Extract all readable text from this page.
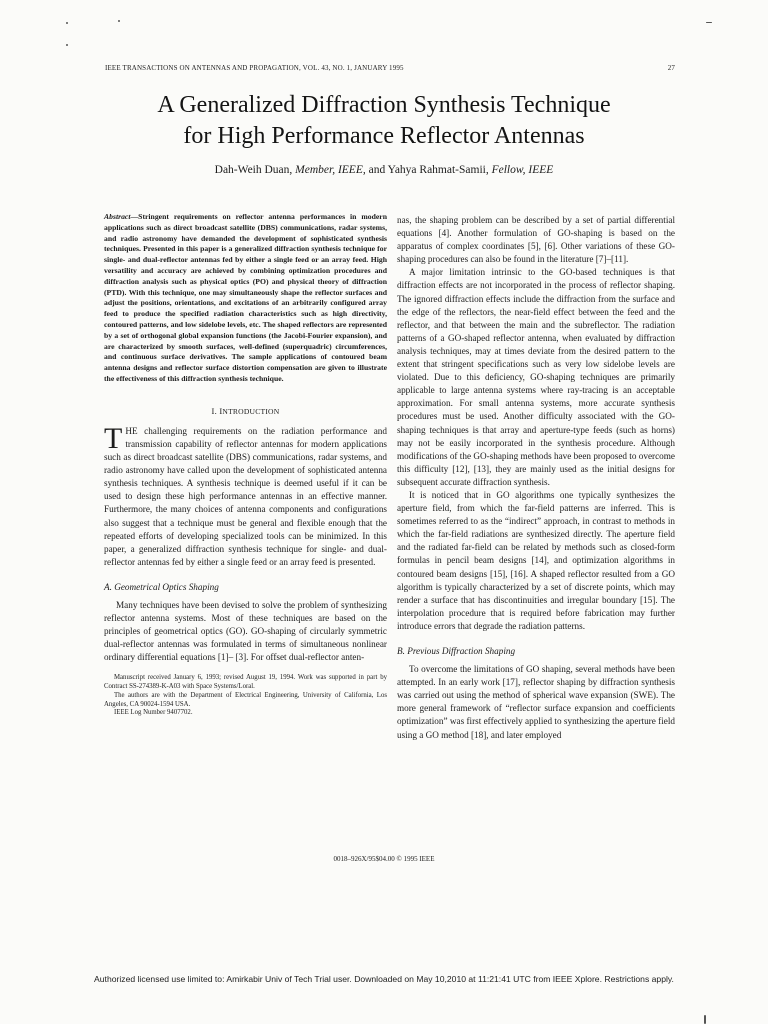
IEEE TRANSACTIONS ON ANTENNAS AND PROPAGATION, VOL. 43, NO. 1, JANUARY 1995	27
A Generalized Diffraction Synthesis Technique
for High Performance Reflector Antennas
Dah-Weih Duan, Member, IEEE, and Yahya Rahmat-Samii, Fellow, IEEE
Abstract—Stringent requirements on reflector antenna performances in modern applications such as direct broadcast satellite (DBS) communications, radar systems, and radio astronomy have demanded the development of sophisticated synthesis techniques. Presented in this paper is a generalized diffraction synthesis technique for single- and dual-reflector antennas fed by either a single feed or an array feed. High versatility and accuracy are achieved by combining optimization procedures and diffraction analysis such as physical optics (PO) and physical theory of diffraction (PTD). With this technique, one may simultaneously shape the reflector surfaces and adjust the positions, orientations, and excitations of an arbitrarily configured array feed to produce the specified radiation characteristics such as high directivity, contoured patterns, and low sidelobe levels, etc. The shaped reflectors are represented by a set of orthogonal global expansion functions (the Jacobi-Fourier expansion), and are characterized by smooth surfaces, well-defined (superquadric) circumferences, and continuous surface derivatives. The sample applications of contoured beam antenna designs and reflector surface distortion compensation are given to illustrate the effectiveness of this diffraction synthesis technique.
I. INTRODUCTION

THE challenging requirements on the radiation performance and transmission capability of reflector antennas for modern applications such as direct broadcast satellite (DBS) communications, radar systems, and radio astronomy have called upon the development of sophisticated antenna synthesis techniques. A synthesis technique is deemed useful if it can be used to design these high performance antennas in an effective manner. Furthermore, the many choices of antenna components and configurations also suggest that a technique must be general and flexible enough that the repeated efforts of developing specialized tools can be minimized. In this paper, a generalized diffraction synthesis technique for single- and dual-reflector antennas fed by either a single feed or an array feed is presented.

A. Geometrical Optics Shaping

Many techniques have been devised to solve the problem of synthesizing reflector antenna systems. Most of these techniques are based on the principles of geometrical optics (GO). GO-shaping of circularly symmetric dual-reflector antennas was formulated in terms of simultaneous nonlinear ordinary differential equations [1]– [3]. For offset dual-reflector anten-

Manuscript received January 6, 1993; revised August 19, 1994. Work was supported in part by Contract SS-274389-K-A03 with Space Systems/Loral.

The authors are with the Department of Electrical Engineering, University of California, Los Angeles, CA 90024-1594 USA.

IEEE Log Number 9407702.

nas, the shaping problem can be described by a set of partial differential equations [4]. Another formulation of GO-shaping is based on the apparatus of complex coordinates [5], [6]. Other variations of these GO-shaping procedures can also be found in the literature [7]–[11].

A major limitation intrinsic to the GO-based techniques is that diffraction effects are not incorporated in the process of reflector shaping. The ignored diffraction effects include the diffraction from the surface and the edge of the reflectors, the near-field effect between the feed and the reflector, and that between the main and the subreflector. The radiation patterns of a GO-shaped reflector antenna, when evaluated by diffraction analysis techniques, may at times deviate from the desired pattern to the extent that stringent specifications such as very low sidelobe levels are violated. Due to this deficiency, GO-shaping techniques are primarily applicable to large antenna systems where ray-tracing is an acceptable approximation. For small antenna systems, more accurate synthesis procedures must be used. Another difficulty associated with the GO-shaping techniques is that array and aperture-type feeds (such as horns) may not be easily incorporated in the synthesis procedure. Although modifications of the GO-shaping methods have been proposed to overcome this difficulty [12], [13], they are mainly used as the initial designs for subsequent accurate diffraction synthesis.

It is noticed that in GO algorithms one typically synthesizes the aperture field, from which the far-field patterns are inferred. This is sometimes referred to as the “indirect” approach, in contrast to methods in which the far-field radiations are synthesized directly. The aperture field and the radiated far-field can be related by methods such as closed-form formulas in pencil beam designs [14], and optimization algorithms in contoured beam designs [15], [16]. A shaped reflector resulted from a GO algorithm is typically characterized by a set of discrete points, which may render a surface that has discontinuities and irregular boundary [15]. The interpolation procedure that is required before fabrication may further introduce errors that degrade the radiation patterns.

B. Previous Diffraction Shaping

To overcome the limitations of GO shaping, several methods have been attempted. In an early work [17], reflector shaping by diffraction synthesis was carried out using the method of spherical wave expansion (SWE). The more general framework of “reflector surface expansion and coefficients optimization” was first effectively applied to synthesizing the aperture field using a GO method [18], and later employed

0018–926X/95$04.00 © 1995 IEEE
Authorized licensed use limited to: Amirkabir Univ of Tech Trial user. Downloaded on May 10,2010 at 11:21:41 UTC from IEEE Xplore. Restrictions apply.
